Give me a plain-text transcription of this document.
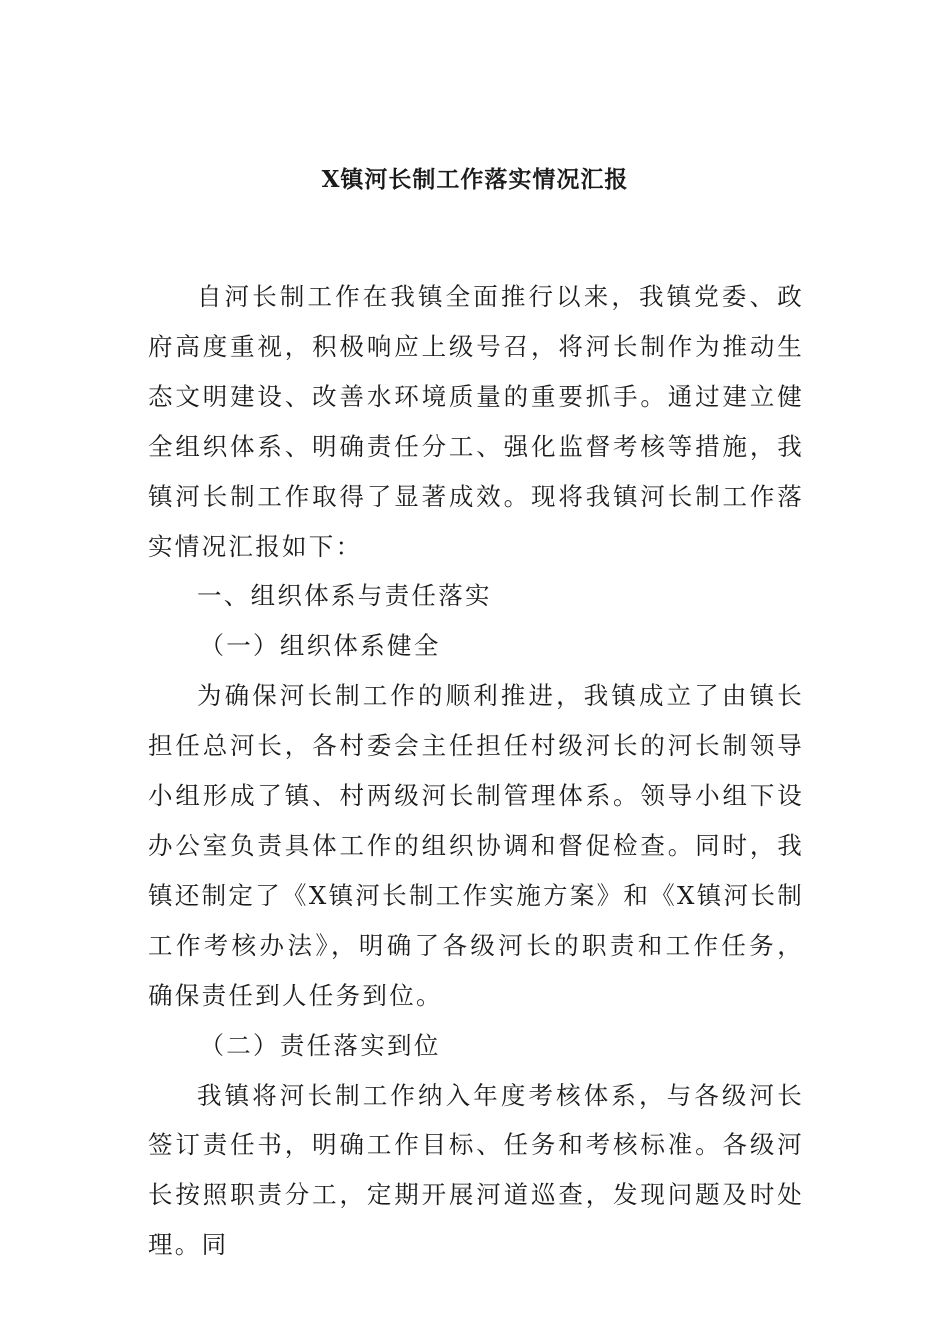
X镇河长制工作落实情况汇报

自河长制工作在我镇全面推行以来，我镇党委、政府高度重视，积极响应上级号召，将河长制作为推动生态文明建设、改善水环境质量的重要抓手。通过建立健全组织体系、明确责任分工、强化监督考核等措施，我镇河长制工作取得了显著成效。现将我镇河长制工作落实情况汇报如下：

一、组织体系与责任落实

（一）组织体系健全

为确保河长制工作的顺利推进，我镇成立了由镇长担任总河长，各村委会主任担任村级河长的河长制领导小组形成了镇、村两级河长制管理体系。领导小组下设办公室负责具体工作的组织协调和督促检查。同时，我镇还制定了《X镇河长制工作实施方案》和《X镇河长制工作考核办法》，明确了各级河长的职责和工作任务，确保责任到人任务到位。

（二）责任落实到位

我镇将河长制工作纳入年度考核体系，与各级河长签订责任书，明确工作目标、任务和考核标准。各级河长按照职责分工，定期开展河道巡查，发现问题及时处理。同
